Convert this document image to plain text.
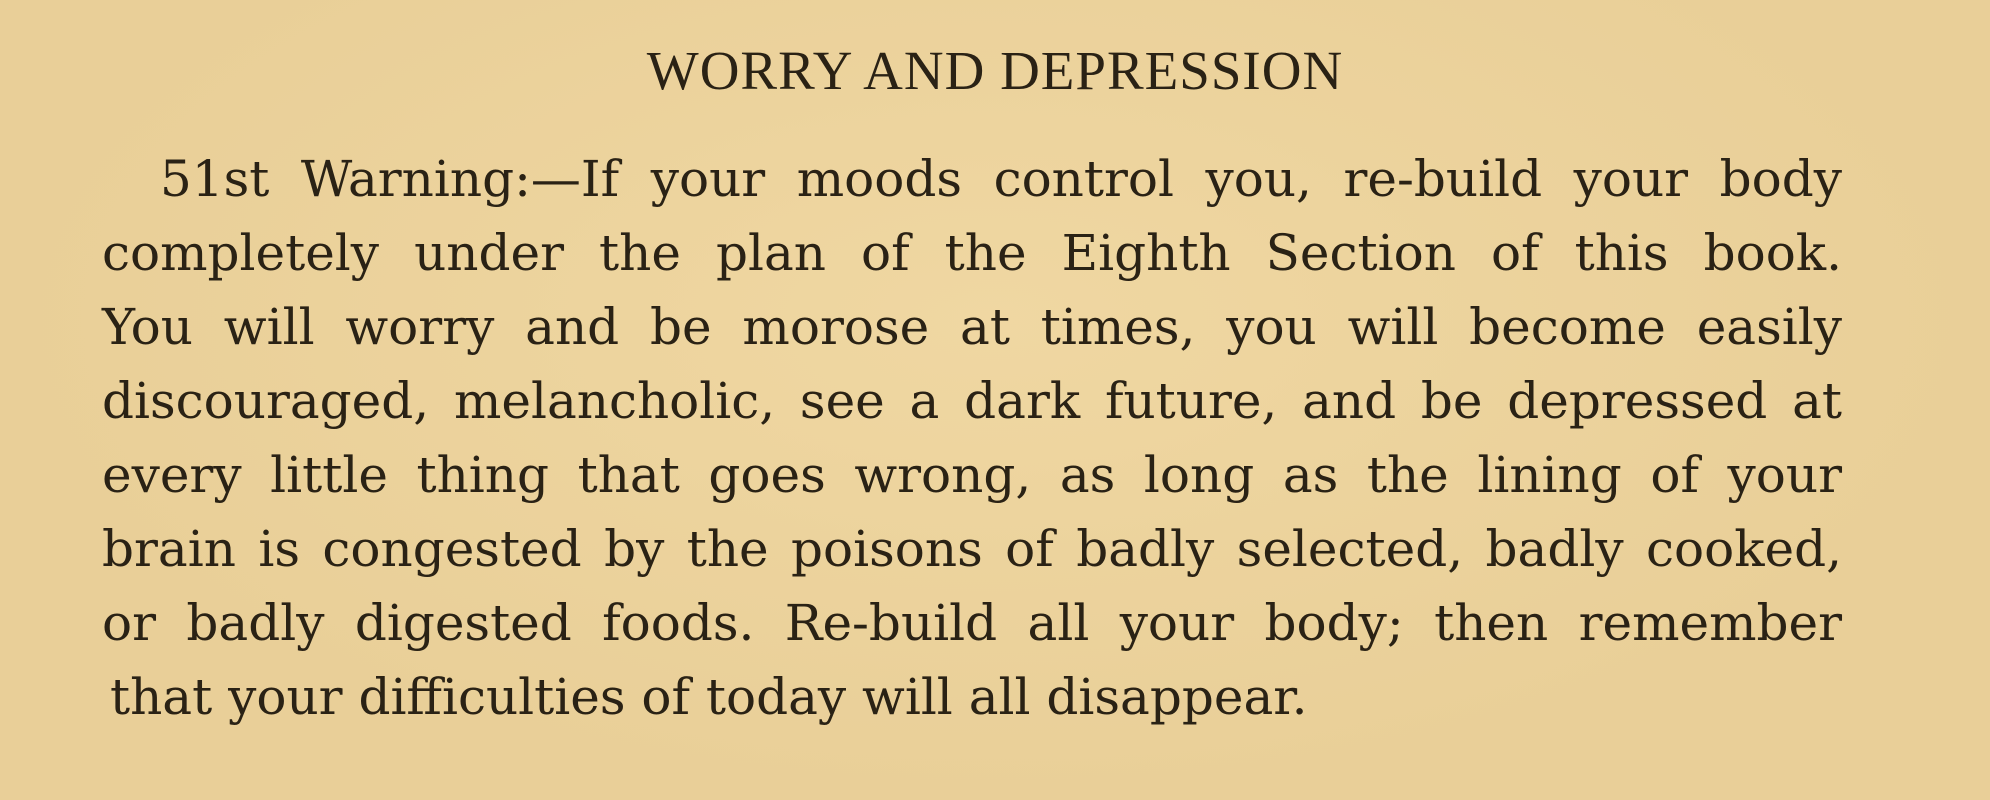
WORRY AND DEPRESSION
51st Warning:—If your moods control you, re-build your body
completely under the plan of the Eighth Section of this book.
You will worry and be morose at times, you will become easily
discouraged, melancholic, see a dark future, and be depressed at
every little thing that goes wrong, as long as the lining of your
brain is congested by the poisons of badly selected, badly cooked,
or badly digested foods. Re-build all your body; then remember
that your difficulties of today will all disappear.
